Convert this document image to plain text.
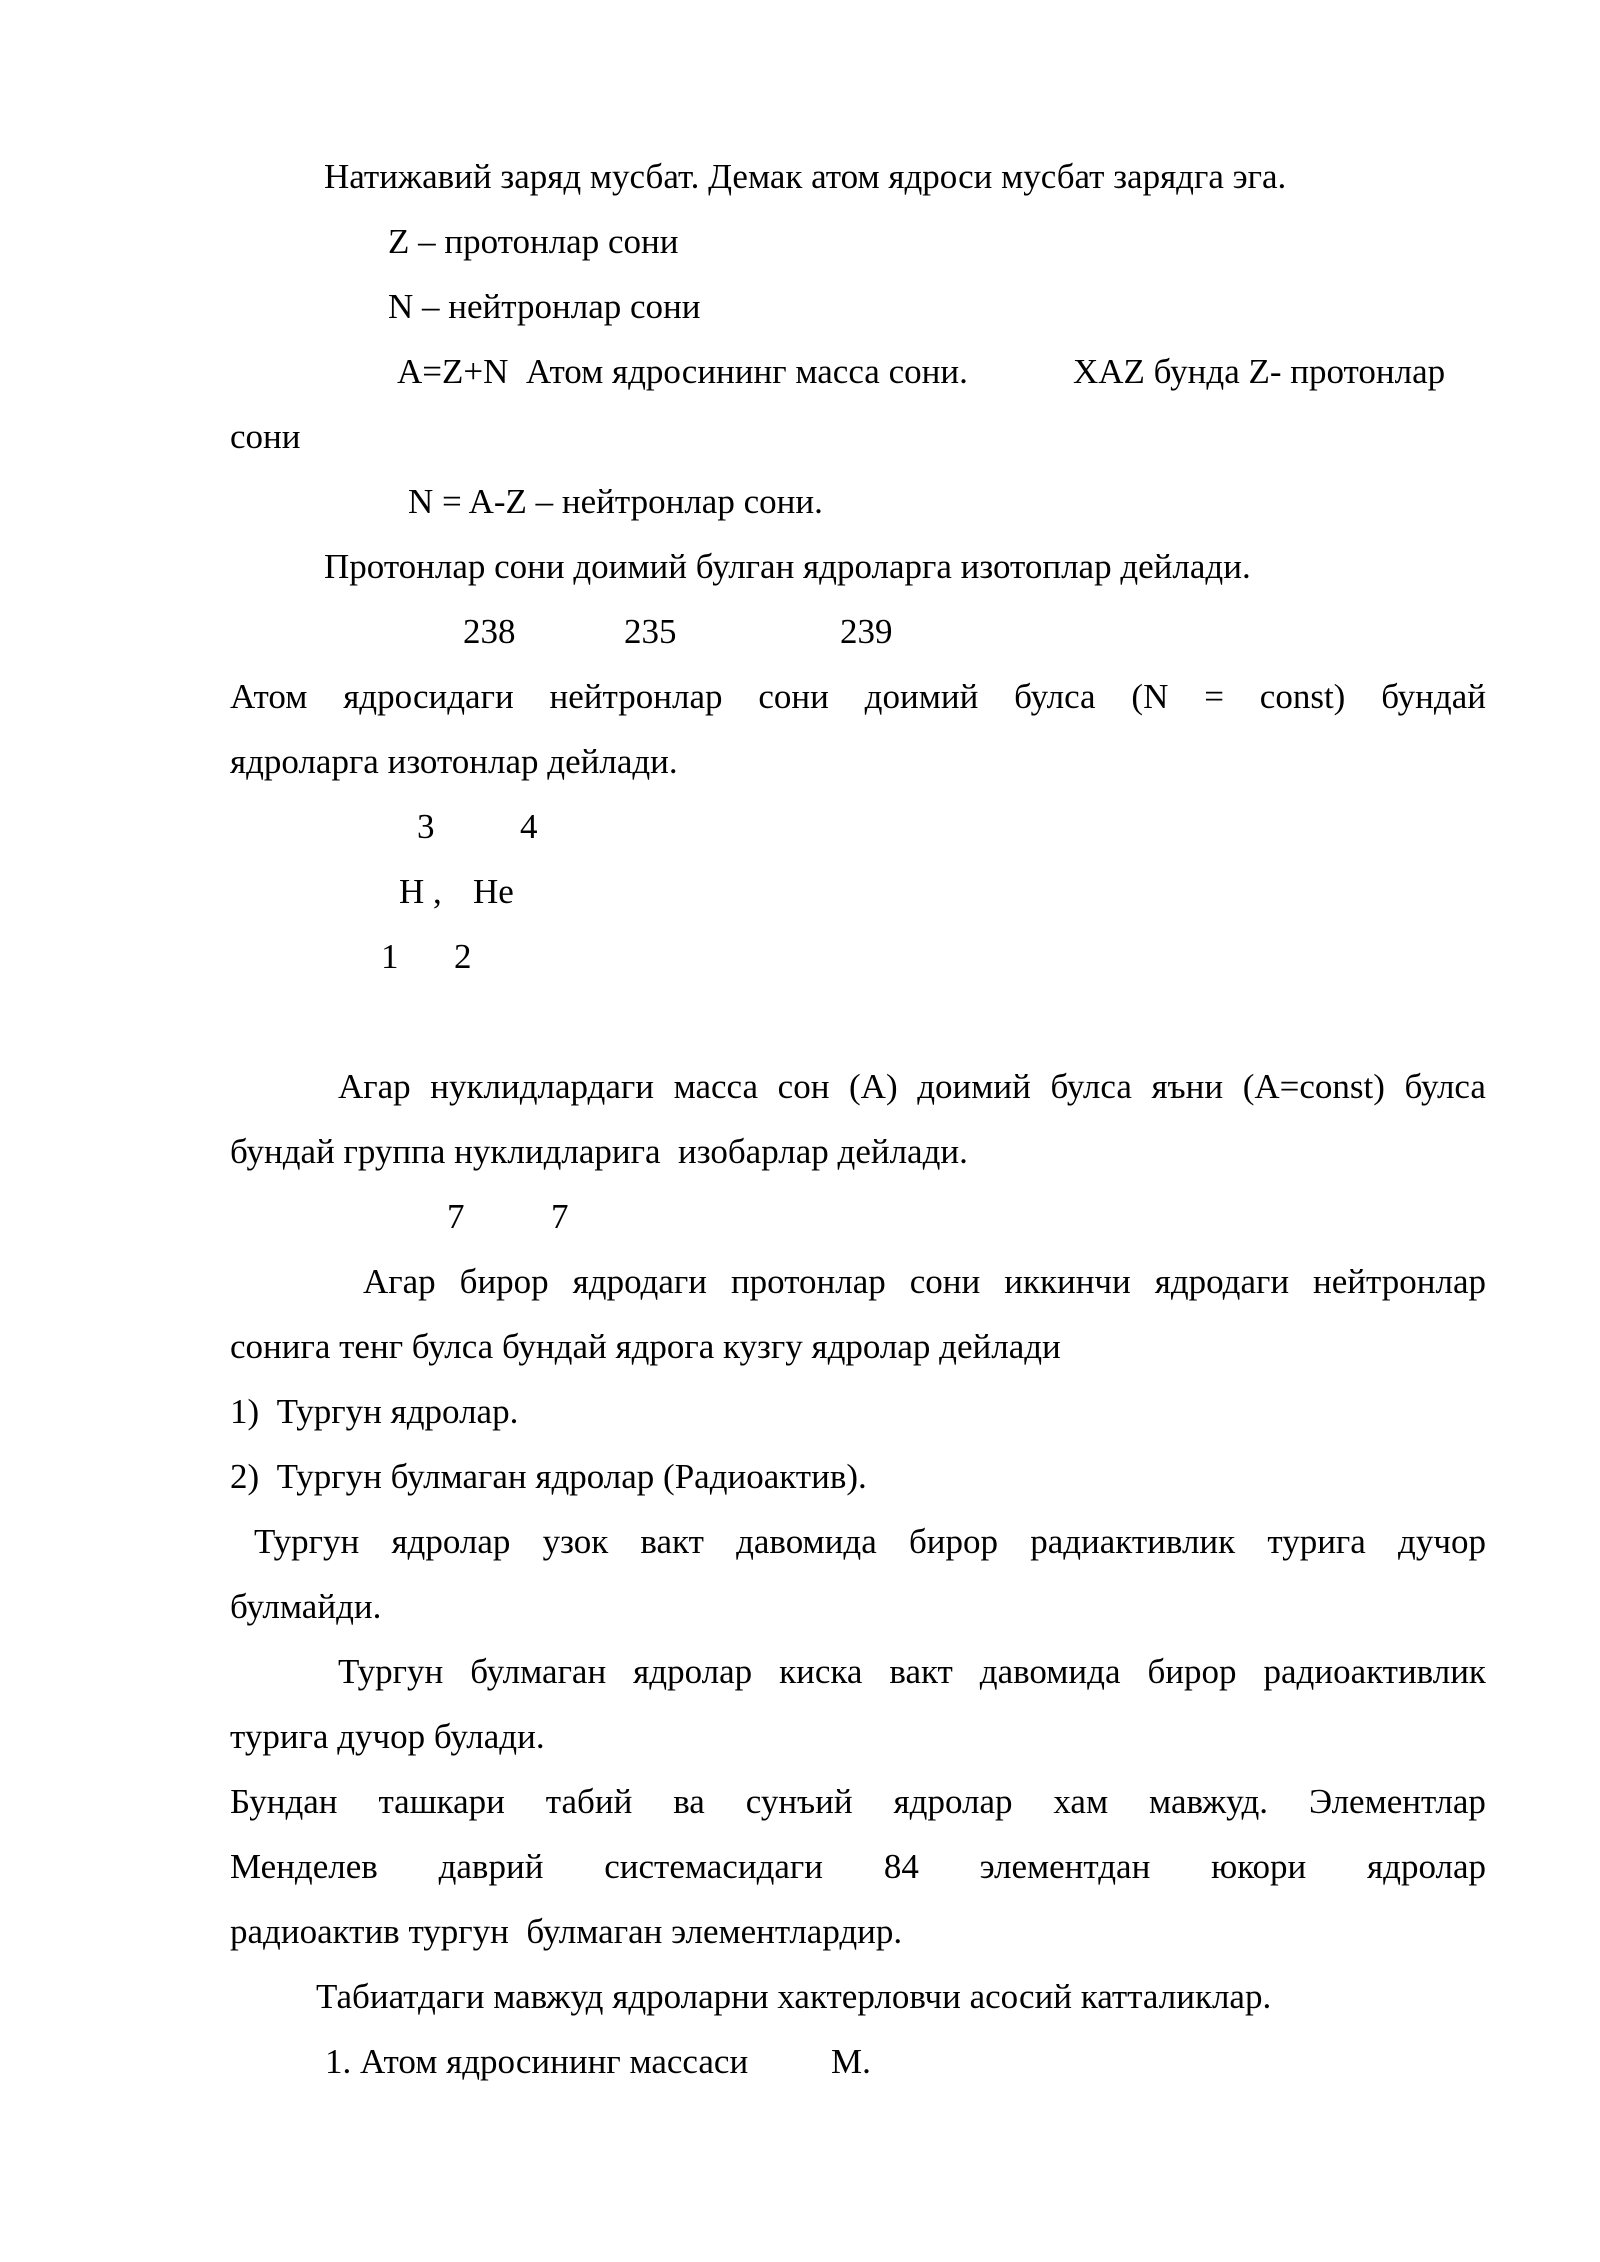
Натижавий заряд мусбат. Демак атом ядроси мусбат зарядга эга.

Z – протонлар сони

N – нейтронлар сони

A=Z+N  Атом ядросининг масса сони.	ХАZ бунда Z- протонлар

сони

N = A-Z – нейтронлар сони.

Протонлар сони доимий булган ядроларга изотоплар дейлади.

238	235	239

Атом ядросидаги нейтронлар сони доимий булса (N = const) бундай

ядроларга изотонлар дейлади.

3 4

H , He

1 2

Агар нуклидлардаги масса сон (А) доимий булса яъни (A=const) булса

бундай группа нуклидларига  изобарлар дейлади.

7 7

Агар бирор ядродаги протонлар сони иккинчи ядродаги нейтронлар

сонига тенг булса бундай ядрога кузгу ядролар дейлади

1)  Тургун ядролар.

2)  Тургун булмаган ядролар (Радиоактив).

Тургун ядролар узок вакт давомида бирор радиактивлик турига дучор

булмайди.

Тургун булмаган ядролар киска вакт давомида бирор радиоактивлик

турига дучор булади.

Бундан ташкари табий ва сунъий ядролар хам мавжуд. Элементлар
Менделев даврий системасидаги 84 элементдан юкори ядролар

радиоактив тургун  булмаган элементлардир.

Табиатдаги мавжуд ядроларни хактерловчи асосий катталиклар.

1. Атом ядросининг массаси M.
